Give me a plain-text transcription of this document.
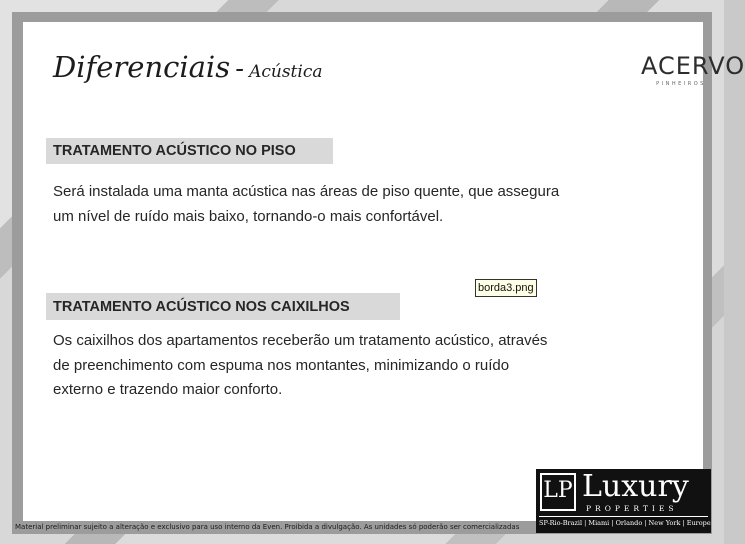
Diferenciais - Acústica	ACERVO
PINHEIROS
TRATAMENTO ACÚSTICO NO PISO
Será instalada uma manta acústica nas áreas de piso quente, que assegura
um nível de ruído mais baixo, tornando-o mais confortável.
borda3.png
TRATAMENTO ACÚSTICO NOS CAIXILHOS
Os caixilhos dos apartamentos receberão um tratamento acústico, através
de preenchimento com espuma nos montantes, minimizando o ruído
externo e trazendo maior conforto.
Material preliminar sujeito a alteração e exclusivo para uso interno da Even. Proibida a divulgação. As unidades só poderão ser comercializadas
LP Luxury
PROPERTIES
SP-Rio-Brazil | Miami | Orlando | New York | Europe
